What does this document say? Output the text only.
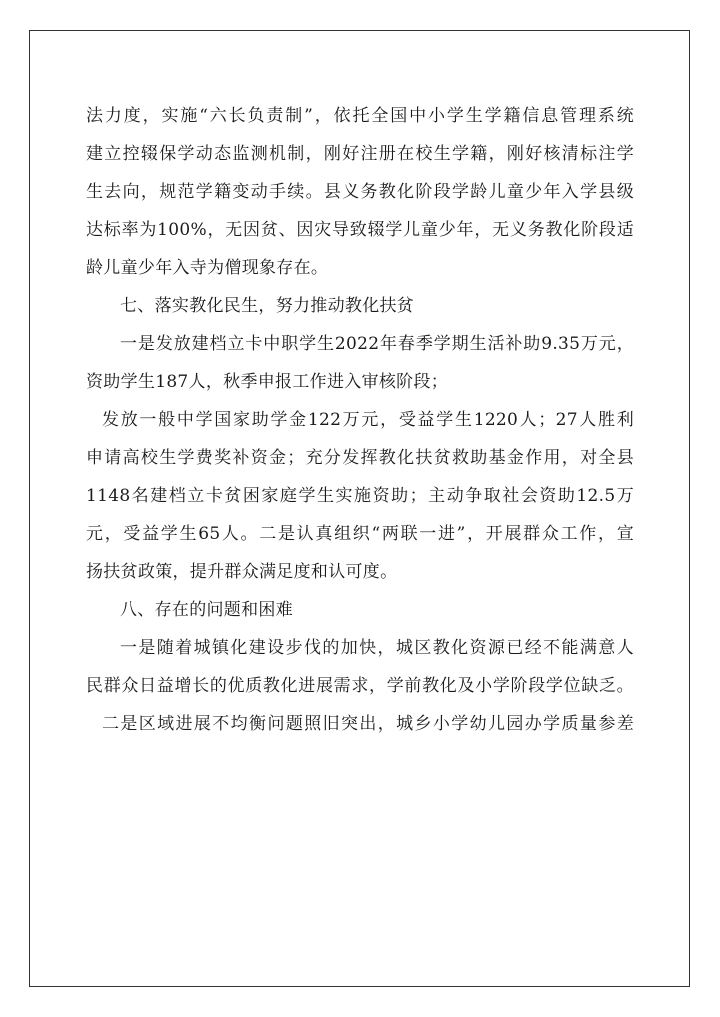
法力度，实施“六长负责制”，依托全国中小学生学籍信息管理系统
建立控辍保学动态监测机制，刚好注册在校生学籍，刚好核清标注学
生去向，规范学籍变动手续。县义务教化阶段学龄儿童少年入学县级
达标率为100%，无因贫、因灾导致辍学儿童少年，无义务教化阶段适
龄儿童少年入寺为僧现象存在。
七、落实教化民生，努力推动教化扶贫
一是发放建档立卡中职学生2022年春季学期生活补助9.35万元，
资助学生187人，秋季申报工作进入审核阶段；
发放一般中学国家助学金122万元，受益学生1220人；27人胜利
申请高校生学费奖补资金；充分发挥教化扶贫救助基金作用，对全县
1148名建档立卡贫困家庭学生实施资助；主动争取社会资助12.5万
元，受益学生65人。二是认真组织“两联一进”，开展群众工作，宣
扬扶贫政策，提升群众满足度和认可度。
八、存在的问题和困难
一是随着城镇化建设步伐的加快，城区教化资源已经不能满意人
民群众日益增长的优质教化进展需求，学前教化及小学阶段学位缺乏。
二是区域进展不均衡问题照旧突出，城乡小学幼儿园办学质量参差
